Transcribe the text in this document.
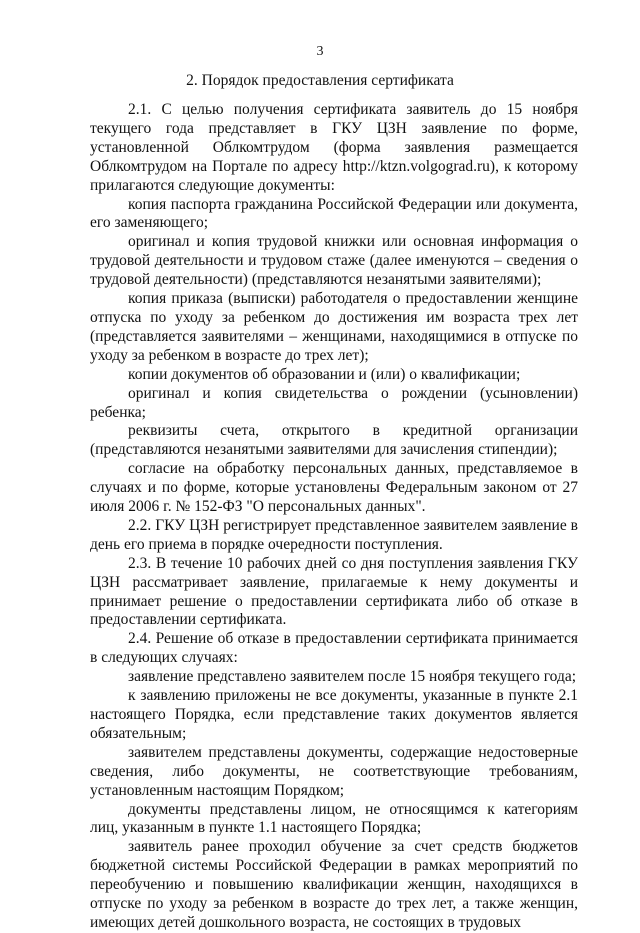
3
2. Порядок предоставления сертификата

2.1. С целью получения сертификата заявитель до 15 ноября текущего года представляет в ГКУ ЦЗН заявление по форме, установленной Облкомтрудом (форма заявления размещается Облкомтрудом на Портале по адресу http://ktzn.volgograd.ru), к которому прилагаются следующие документы:

копия паспорта гражданина Российской Федерации или документа, его заменяющего;

оригинал и копия трудовой книжки или основная информация о трудовой деятельности и трудовом стаже (далее именуются – сведения о трудовой деятельности) (представляются незанятыми заявителями);

копия приказа (выписки) работодателя о предоставлении женщине отпуска по уходу за ребенком до достижения им возраста трех лет (представляется заявителями – женщинами, находящимися в отпуске по уходу за ребенком в возрасте до трех лет);

копии документов об образовании и (или) о квалификации;

оригинал и копия свидетельства о рождении (усыновлении) ребенка;

реквизиты счета, открытого в кредитной организации (представляются незанятыми заявителями для зачисления стипендии);

согласие на обработку персональных данных, представляемое в случаях и по форме, которые установлены Федеральным законом от 27 июля 2006 г. № 152-ФЗ "О персональных данных".

2.2. ГКУ ЦЗН регистрирует представленное заявителем заявление в день его приема в порядке очередности поступления.

2.3. В течение 10 рабочих дней со дня поступления заявления ГКУ ЦЗН рассматривает заявление, прилагаемые к нему документы и принимает решение о предоставлении сертификата либо об отказе в предоставлении сертификата.

2.4. Решение об отказе в предоставлении сертификата принимается в следующих случаях:

заявление представлено заявителем после 15 ноября текущего года;

к заявлению приложены не все документы, указанные в пункте 2.1 настоящего Порядка, если представление таких документов является обязательным;

заявителем представлены документы, содержащие недостоверные сведения, либо документы, не соответствующие требованиям, установленным настоящим Порядком;

документы представлены лицом, не относящимся к категориям лиц, указанным в пункте 1.1 настоящего Порядка;

заявитель ранее проходил обучение за счет средств бюджетов бюджетной системы Российской Федерации в рамках мероприятий по переобучению и повышению квалификации женщин, находящихся в отпуске по уходу за ребенком в возрасте до трех лет, а также женщин, имеющих детей дошкольного возраста, не состоящих в трудовых
